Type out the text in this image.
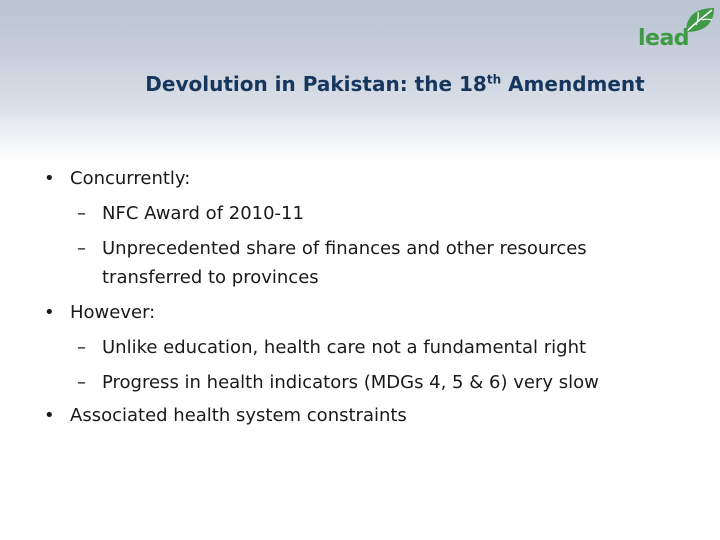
lead
Devolution in Pakistan: the 18th Amendment
• Concurrently:
– NFC Award of 2010-11
– Unprecedented share of finances and other resources
transferred to provinces
• However:
– Unlike education, health care not a fundamental right
– Progress in health indicators (MDGs 4, 5 & 6) very slow
• Associated health system constraints
